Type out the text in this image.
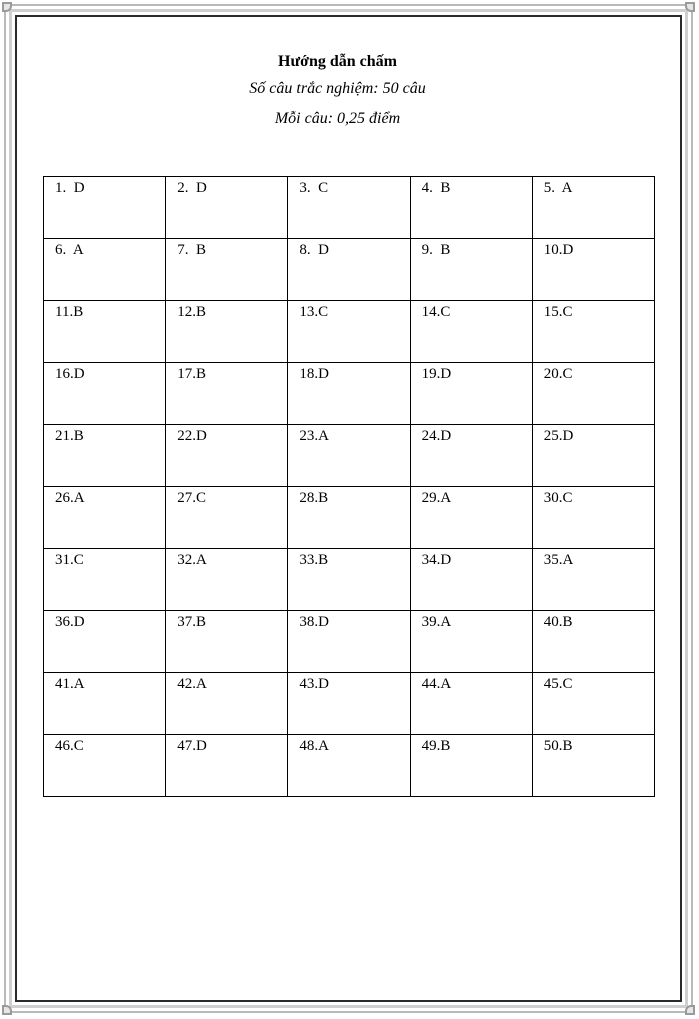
Hướng dẫn chấm
Số câu trắc nghiệm: 50 câu
Mỗi câu: 0,25 điểm
1.  D	2.  D	3.  C	4.  B	5.  A
6.  A	7.  B	8.  D	9.  B	10.D
11.B	12.B	13.C	14.C	15.C
16.D	17.B	18.D	19.D	20.C
21.B	22.D	23.A	24.D	25.D
26.A	27.C	28.B	29.A	30.C
31.C	32.A	33.B	34.D	35.A
36.D	37.B	38.D	39.A	40.B
41.A	42.A	43.D	44.A	45.C
46.C	47.D	48.A	49.B	50.B
